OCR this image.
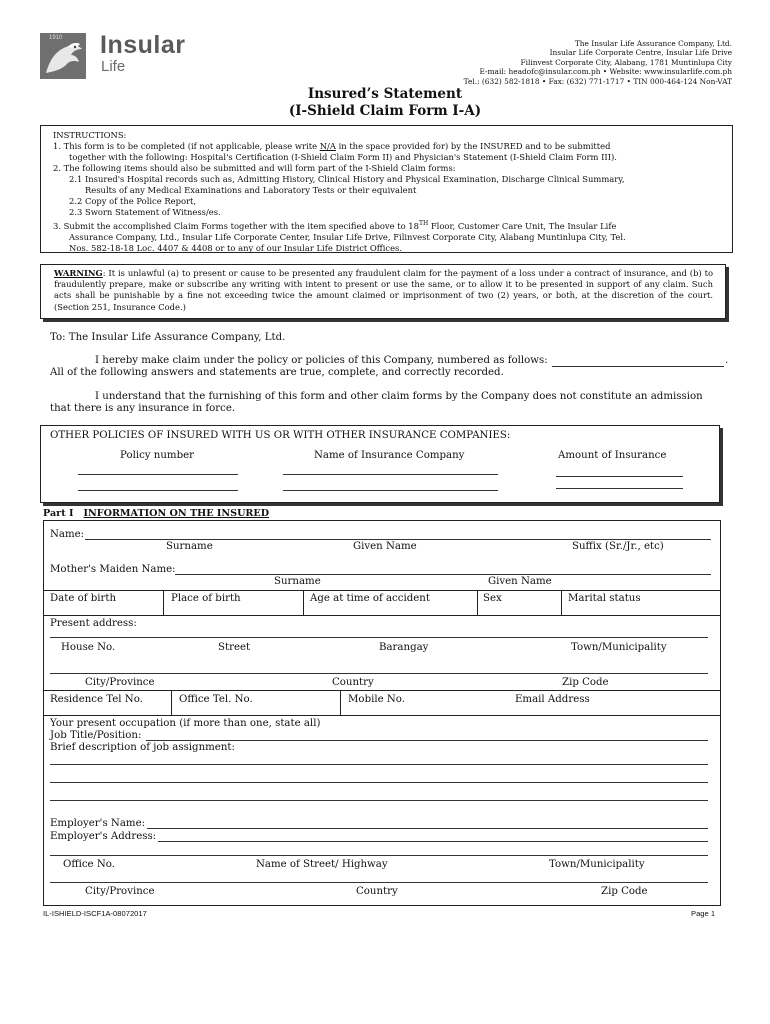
1910 Insular
Life
The Insular Life Assurance Company, Ltd.
Insular Life Corporate Centre, Insular Life Drive
Filinvest Corporate City, Alabang, 1781 Muntinlupa City
E-mail: headofc@insular.com.ph • Website: www.insularlife.com.ph
Tel.: (632) 582-1818 • Fax: (632) 771-1717 • TIN 000-464-124 Non-VAT
Insured’s Statement
(I-Shield Claim Form I-A)

INSTRUCTIONS:

1. This form is to be completed (if not applicable, please write N/A in the space provided for) by the INSURED and to be submitted

together with the following: Hospital's Certification (I-Shield Claim Form II) and Physician's Statement (I-Shield Claim Form III).

2. The following items should also be submitted and will form part of the I-Shield Claim forms:

2.1 Insured's Hospital records such as, Admitting History, Clinical History and Physical Examination, Discharge Clinical Summary,

Results of any Medical Examinations and Laboratory Tests or their equivalent

2.2 Copy of the Police Report,

2.3 Sworn Statement of Witness/es.

3. Submit the accomplished Claim Forms together with the item specified above to 18TH Floor, Customer Care Unit, The Insular Life

Assurance Company, Ltd., Insular Life Corporate Center, Insular Life Drive, Filinvest Corporate City, Alabang Muntinlupa City, Tel.

Nos. 582-18-18 Loc. 4407 & 4408 or to any of our Insular Life District Offices.

WARNING: It is unlawful (a) to present or cause to be presented any fraudulent claim for the payment of a loss under a contract of insurance, and (b) to fraudulently prepare, make or subscribe any writing with intent to present or use the same, or to allow it to be presented in support of any claim. Such acts shall be punishable by a fine not exceeding twice the amount claimed or imprisonment of two (2) years, or both, at the discretion of the court. (Section 251, Insurance Code.)
To: The Insular Life Assurance Company, Ltd.
I hereby make claim under the policy or policies of this Company, numbered as follows:	.
All of the following answers and statements are true, complete, and correctly recorded.
I understand that the furnishing of this form and other claim forms by the Company does not constitute an admission
that there is any insurance in force.
OTHER POLICIES OF INSURED WITH US OR WITH OTHER INSURANCE COMPANIES:
Policy number	Name of Insurance Company	Amount of Insurance
Part I INFORMATION ON THE INSURED
Name:
Surname	Given Name	Suffix (Sr./Jr., etc)
Mother's Maiden Name:
Surname	Given Name
Date of birth	Place of birth	Age at time of accident	Sex	Marital status
Present address:
House No.	Street	Barangay	Town/Municipality
City/Province	Country	Zip Code
Residence Tel No.	Office Tel. No.	Mobile No.	Email Address
Your present occupation (if more than one, state all)
Job Title/Position:
Brief description of job assignment:
Employer's Name:
Employer's Address:
Office No.	Name of Street/ Highway	Town/Municipality
City/Province	Country	Zip Code
IL-ISHIELD-ISCF1A-08072017	Page 1
